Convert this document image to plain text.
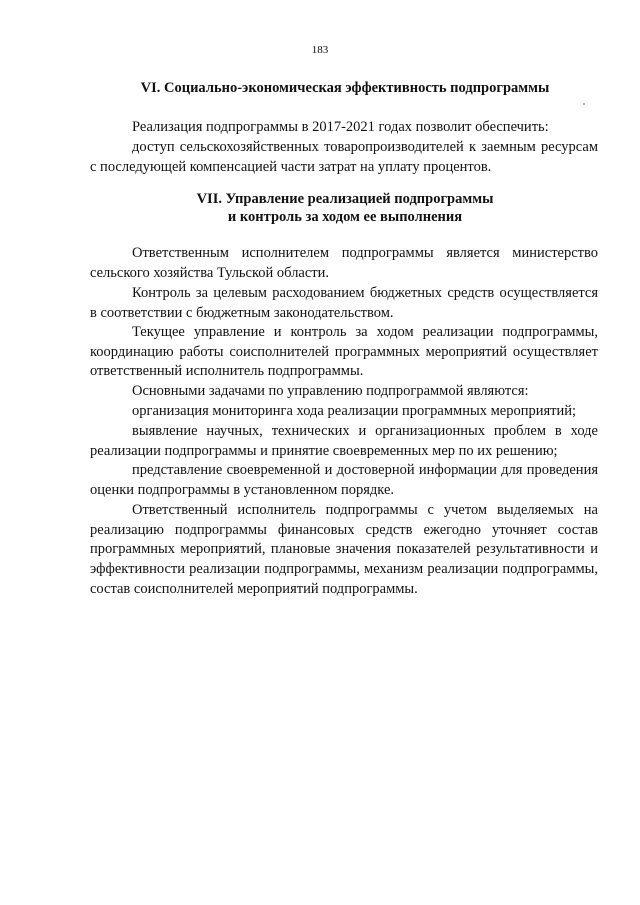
183
VI. Социально-экономическая эффективность подпрограммы

Реализация подпрограммы в 2017-2021 годах позволит обеспечить:

доступ сельскохозяйственных товаропроизводителей к заемным ресурсам с последующей компенсацией части затрат на уплату процентов.

VII. Управление реализацией подпрограммы
и контроль за ходом ее выполнения

Ответственным исполнителем подпрограммы является министерство сельского хозяйства Тульской области.

Контроль за целевым расходованием бюджетных средств осуществляется в соответствии с бюджетным законодательством.

Текущее управление и контроль за ходом реализации подпрограммы, координацию работы соисполнителей программных мероприятий осуществляет ответственный исполнитель подпрограммы.

Основными задачами по управлению подпрограммой являются:

организация мониторинга хода реализации программных мероприятий;

выявление научных, технических и организационных проблем в ходе реализации подпрограммы и принятие своевременных мер по их решению;

представление своевременной и достоверной информации для проведения оценки подпрограммы в установленном порядке.

Ответственный исполнитель подпрограммы с учетом выделяемых на реализацию подпрограммы финансовых средств ежегодно уточняет состав программных мероприятий, плановые значения показателей результативности и эффективности реализации подпрограммы, механизм реализации подпрограммы, состав соисполнителей мероприятий подпрограммы.
